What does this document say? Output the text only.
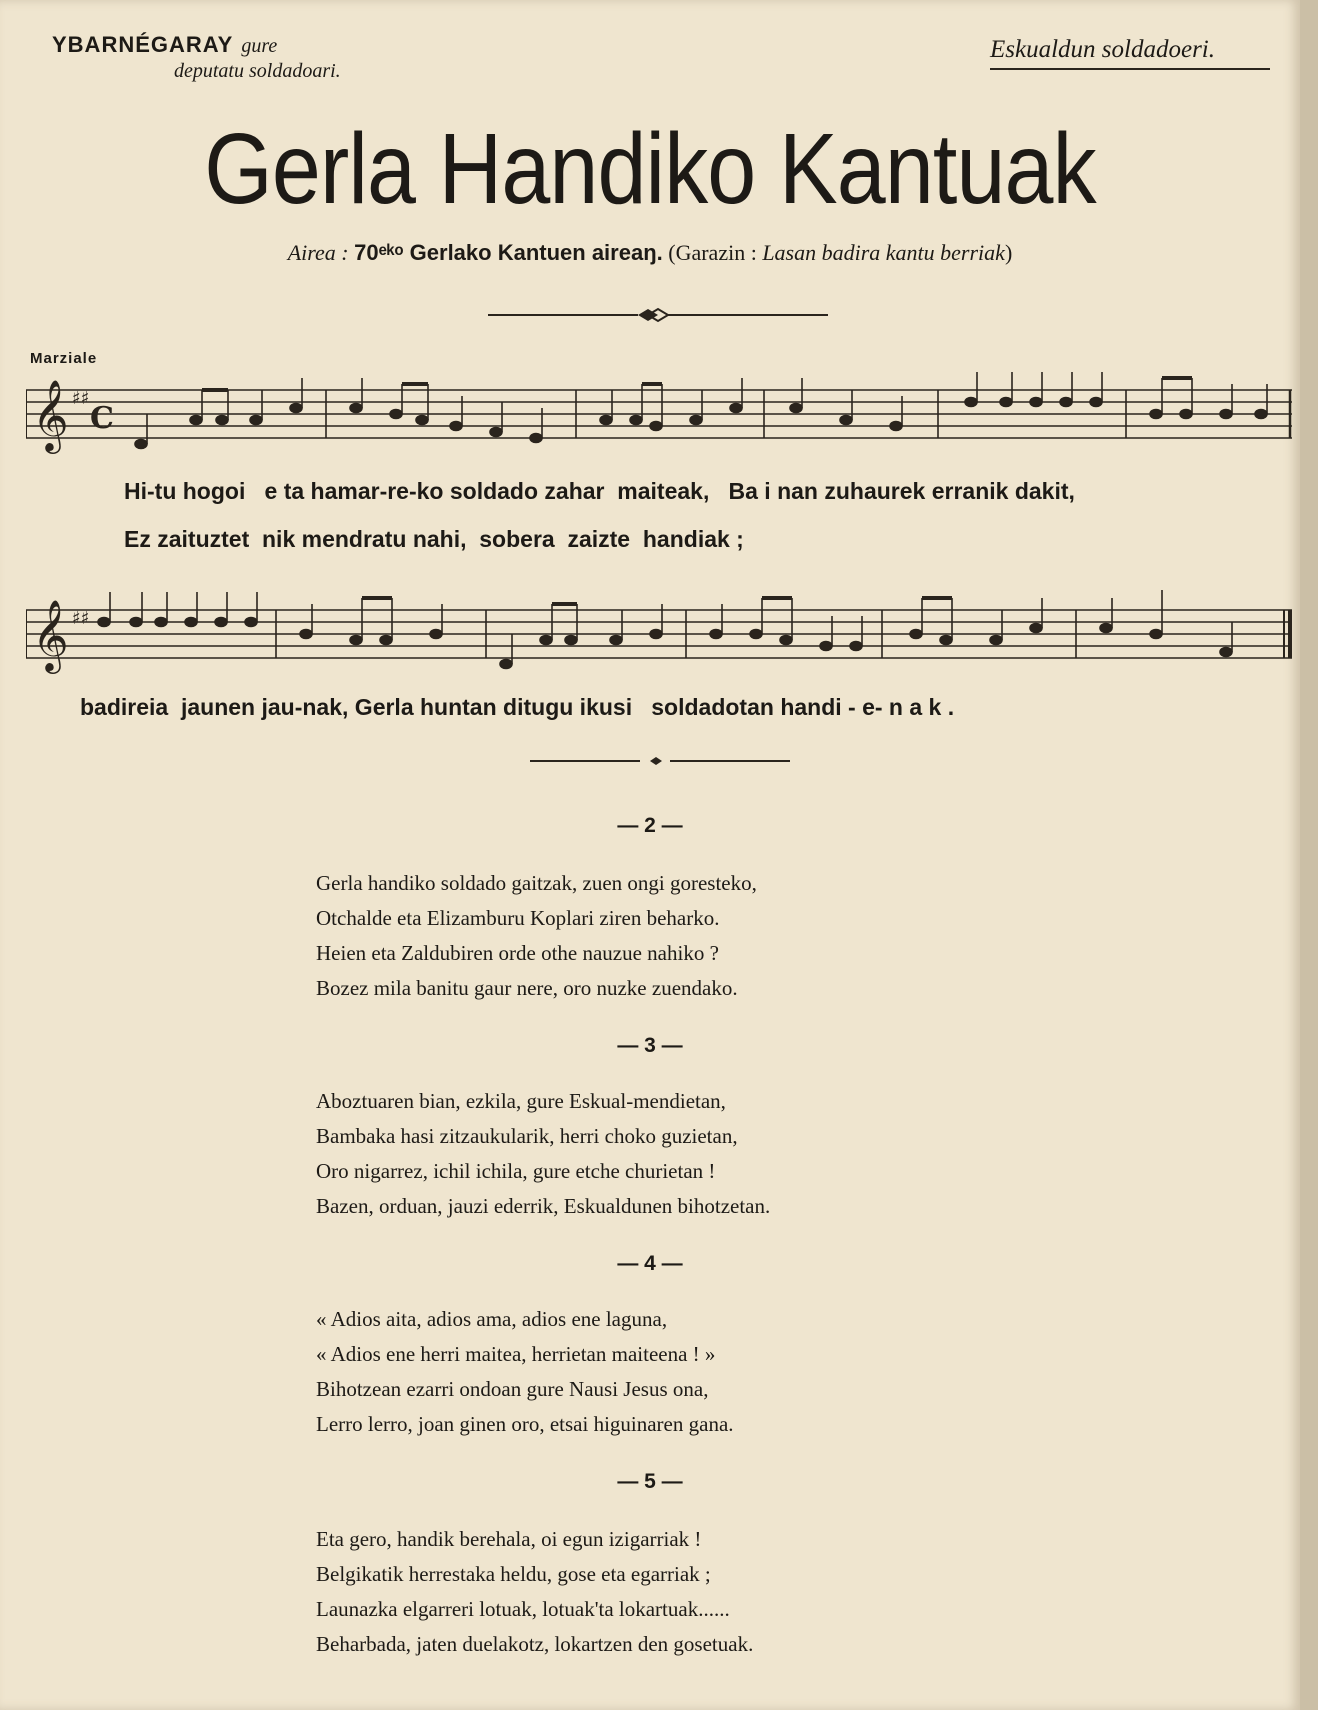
YBARNÉGARAY gure
deputatu soldadoari.
Eskualdun soldadoeri.
Gerla Handiko Kantuak
Airea : 70ᵉᵏᵒ Gerlako Kantuen aireaŋ. (Garazin : Lasan badira kantu berriak)
Marziale
𝄞 ♯♯
C
Hi-tu hogoi   e ta hamar-re-ko soldado zahar  maiteak,   Ba i nan zuhaurek erranik dakit,
Ez zaituztet  nik mendratu nahi,  sobera  zaizte  handiak ;
𝄞 ♯♯
badireia  jaunen jau-nak, Gerla huntan ditugu ikusi   soldadotan handi - e- n a k .
— 2 —
Gerla handiko soldado gaitzak, zuen ongi goresteko,
Otchalde eta Elizamburu Koplari ziren beharko.
Heien eta Zaldubiren orde othe nauzue nahiko ?
Bozez mila banitu gaur nere, oro nuzke zuendako.
— 3 —
Aboztuaren bian, ezkila, gure Eskual-mendietan,
Bambaka hasi zitzaukularik, herri choko guzietan,
Oro nigarrez, ichil ichila, gure etche churietan !
Bazen, orduan, jauzi ederrik, Eskualdunen bihotzetan.
— 4 —
« Adios aita, adios ama, adios ene laguna,
« Adios ene herri maitea, herrietan maiteena ! »
Bihotzean ezarri ondoan gure Nausi Jesus ona,
Lerro lerro, joan ginen oro, etsai higuinaren gana.
— 5 —
Eta gero, handik berehala, oi egun izigarriak !
Belgikatik herrestaka heldu, gose eta egarriak ;
Launazka elgarreri lotuak, lotuak'ta lokartuak......
Beharbada, jaten duelakotz, lokartzen den gosetuak.
